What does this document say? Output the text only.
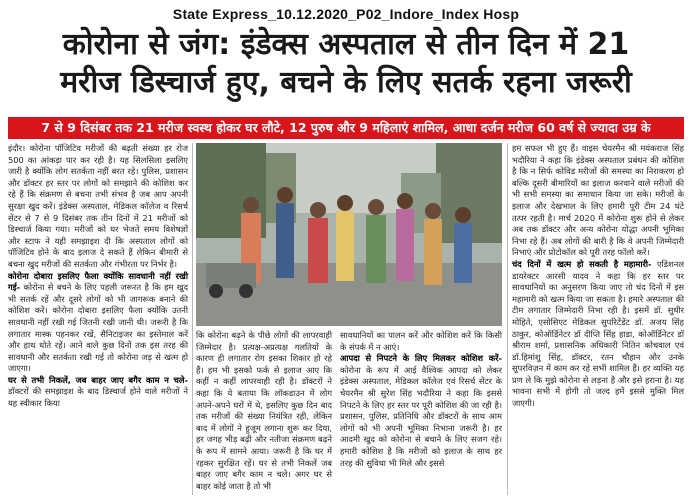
State Express_10.12.2020_P02_Indore_Index Hosp
कोरोना से जंग: इंडेक्स अस्पताल से तीन दिन में 21
मरीज डिस्चार्ज हुए, बचने के लिए सतर्क रहना जरूरी
7 से 9 दिसंबर तक 21 मरीज स्वस्थ होकर घर लौटे, 12 पुरुष और 9 महिलाएं शामिल, आधा दर्जन मरीज 60 वर्ष से ज्यादा उम्र के

इंदौर। कोरोना पॉजिटिव मरीजों की बढ़ती संख्या हर रोज 500 का आंकड़ा पार कर रही है। यह सिलसिला इसलिए जारी है क्योंकि लोग सतर्कता नहीं बरत रहे। पुलिस, प्रशासन और डॉक्टर हर स्तर पर लोगों को समझाने की कोशिश कर रहे हैं कि संक्रमण से बचना तभी संभव है जब आप अपनी सुरक्षा खुद करें। इंडेक्स अस्पताल, मेडिकल कॉलेज व रिसर्च सेंटर से 7 से 9 दिसंबर तक तीन दिनों में 21 मरीजों को डिस्चार्ज किया गया। मरीजों को घर भेजते समय विशेषज्ञों और स्टाफ ने यही समझाइश दी कि अस्पताल लोगों को पॉजिटिव होने के बाद इलाज दे सकते हैं लेकिन बीमारी से बचना खुद मरीजों की सतर्कता और गंभीरता पर निर्भर है।

कोरोना दोबारा इसलिए फैला क्योंकि सावधानी नहीं रखी गई- कोरोना से बचने के लिए पहली जरूरत है कि हम खुद भी सतर्क रहें और दूसरे लोगों को भी जागरूक बनाने की कोशिश करें। कोरोना दोबारा इसलिए फैला क्योंकि उतनी सावधानी नहीं रखी गई जितनी रखी जानी थी। जरूरी है कि लगातार मास्क पहनकर रखें, सैनिटाइजर का इस्तेमाल करें और हाथ धोते रहें। आने वाले कुछ दिनों तक इस तरह की सावधानी और सतर्कता रखी गई तो कोरोना जड़ से खत्म हो जाएगा।

घर से तभी निकलें, जब बाहर जाए बगैर काम न चले- डॉक्टरों की समझाइश के बाद डिस्चार्ज होने वाले मरीजों ने यह स्वीकार किया

कि कोरोना बढ़ने के पीछे लोगों की लापरवाही जिम्मेदार है। प्रत्यक्ष-अप्रत्यक्ष गलतियों के कारण ही लगातार रोग इसका शिकार हो रहे हैं। हम भी इसको फर्क से इलाज आए कि कहीं न कहीं लापरवाही रही है। डॉक्टरों ने कहा कि ये बताया कि लॉकडाउन में लोग अपने-अपने घरों में थे, इसलिए कुछ दिन बाद तक मरीजों की संख्या नियंत्रित रही, लेकिन बाद में लोगों ने हुजूम लगाना शुरू कर दिया, हर जगह भीड़ बढ़ी और नतीजा संक्रमण बढ़ने के रूप में सामने आया। जरूरी है कि घर में रहकर सुरक्षित रहें। घर से तभी निकलें जब बाहर जाए बगैर काम न चले। अगर घर से बाहर कोई जाता है तो भी

सावधानियों का पालन करें और कोशिश करें कि किसी के संपर्क में न आएं।

आपदा से निपटने के लिए मिलकर कोशिश करें- कोरोना के रूप में आई वैश्विक आपदा को लेकर इंडेक्स अस्पताल, मेडिकल कॉलेज एवं रिसर्च सेंटर के चेयरमैन श्री सुरेश सिंह भदौरिया ने कहा कि इससे निपटने के लिए हर स्तर पर पूरी कोशिश की जा रही है। प्रशासन, पुलिस, प्रतिनिधि और डॉक्टरों के साथ आम लोगों को भी अपनी भूमिका निभाना जरूरी है। हर आदमी खुद को कोरोना से बचाने के लिए सजग रहे। हमारी कोशिश है कि मरीजों को इलाज के साथ हर तरह की सुविधा भी मिले और इससे

हम सफल भी हुए हैं। वाइस चेयरमैन श्री मयंकराज सिंह भदौरिया ने कहा कि इंडेक्स अस्पताल प्रबंधन की कोशिश है कि न सिर्फ कोविड मरीजों की समस्या का निराकरण हो बल्कि दूसरी बीमारियों का इलाज करवाने वाले मरीजों की भी सभी समस्या का समाधान किया जा सके। मरीजों के इलाज और देखभाल के लिए हमारी पूरी टीम 24 घंटे तत्पर रहती है। मार्च 2020 में कोरोना शुरू होने से लेकर अब तक डॉक्टर और अन्य कोरोना योद्धा अपनी भूमिका निभा रहे हैं। अब लोगों की बारी है कि वे अपनी जिम्मेदारी निभाएं और प्रोटोकॉल को पूरी तरह फॉलो करें।

चंद दिनों में खत्म हो सकती है महामारी- एडिशनल डायरेक्टर आरसी यादव ने कहा कि हर स्तर पर सावधानियों का अनुसरण किया जाए तो चंद दिनों में इस महामारी को खत्म किया जा सकता है। हमारे अस्पताल की टीम लगातार जिम्मेदारी निभा रही है। इसमें डॉ. सुधीर मोहिते, एसोसिएट मेडिकल सुपरिटेंडेंट डॉ. अजय सिंह ठाकुर, कोऑर्डिनेटर डॉ दीप्ति सिंह हाडा, कोऑर्डिनेटर डॉ श्रीराम शर्मा, प्रशासनिक अधिकारी नितिन कोचवाल एवं डॉ.हिमांशु सिंह, डॉक्टर, रतन चौहान और उनके सुपरविज़न में काम कर रहे सभी शामिल हैं। हर व्यक्ति यह प्रण ले कि मुझे कोरोना से लड़ना है और इसे हराना है। यह भावना सभी में होगी तो जल्द हमें इससे मुक्ति मिल जाएगी।
